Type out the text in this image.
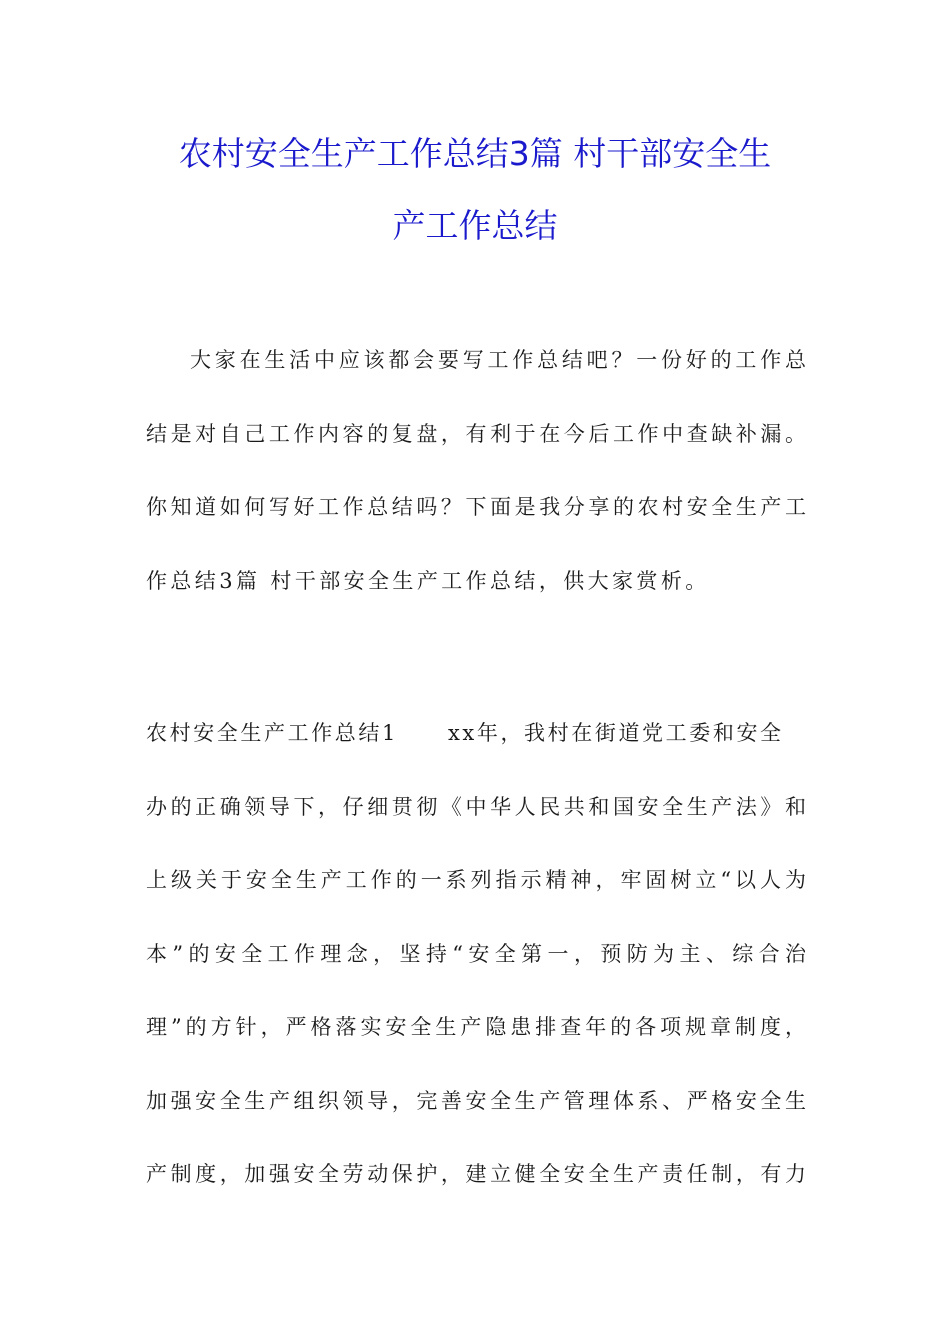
农村安全生产工作总结3篇 村干部安全生
产工作总结

大家在生活中应该都会要写工作总结吧？一份好的工作总

结是对自己工作内容的复盘，有利于在今后工作中查缺补漏。

你知道如何写好工作总结吗？下面是我分享的农村安全生产工

作总结3篇 村干部安全生产工作总结，供大家赏析。

农村安全生产工作总结1 xx年，我村在街道党工委和安全

办的正确领导下，仔细贯彻《中华人民共和国安全生产法》和

上级关于安全生产工作的一系列指示精神，牢固树立“以人为

本”的安全工作理念，坚持“安全第一，预防为主、综合治

理”的方针，严格落实安全生产隐患排查年的各项规章制度，

加强安全生产组织领导，完善安全生产管理体系、严格安全生

产制度，加强安全劳动保护，建立健全安全生产责任制，有力
